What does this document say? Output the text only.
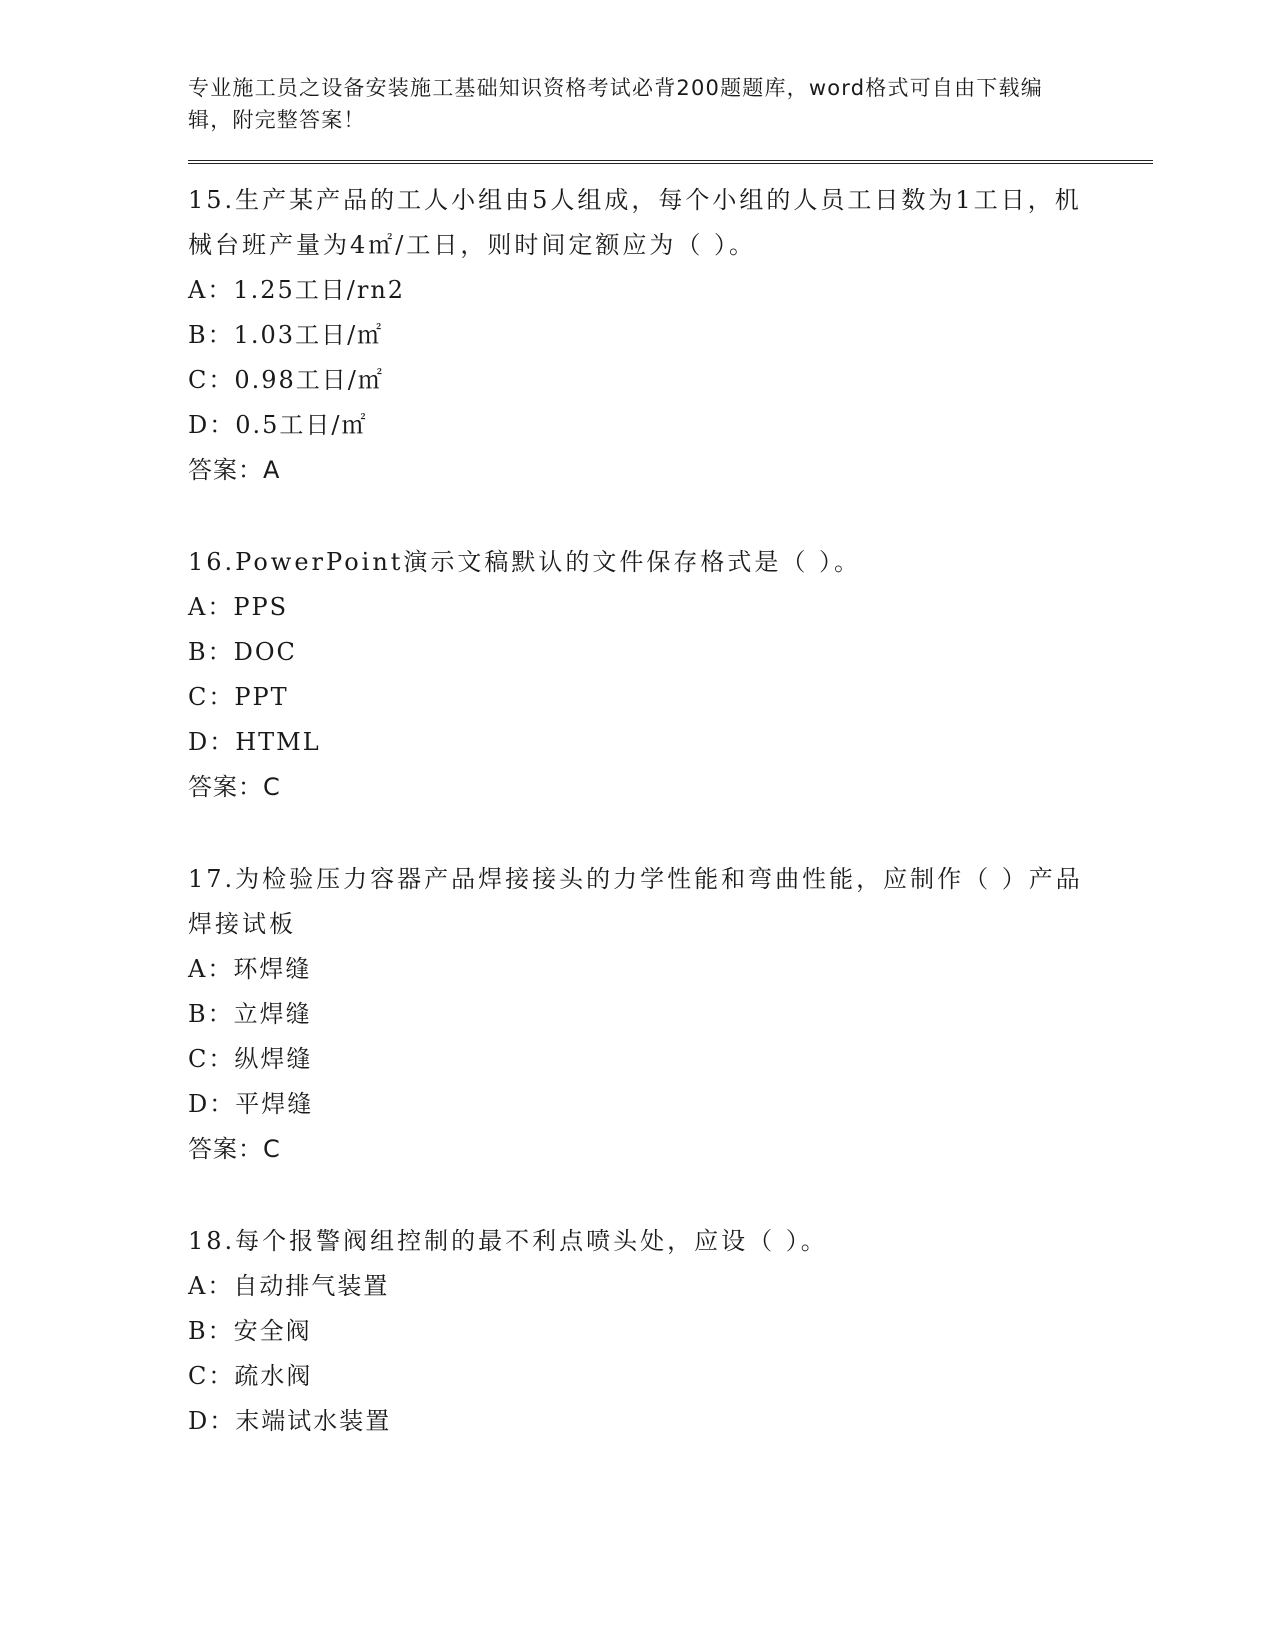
专业施工员之设备安装施工基础知识资格考试必背200题题库，word格式可自由下载编辑，附完整答案！
15.生产某产品的工人小组由5人组成，每个小组的人员工日数为1工日，机械台班产量为4㎡/工日，则时间定额应为（ ）。
A：1.25工日/rn2
B：1.03工日/㎡
C：0.98工日/㎡
D：0.5工日/㎡
答案：A
16.PowerPoint演示文稿默认的文件保存格式是（ ）。
A：PPS
B：DOC
C：PPT
D：HTML
答案：C
17.为检验压力容器产品焊接接头的力学性能和弯曲性能，应制作（ ）产品焊接试板
A：环焊缝
B：立焊缝
C：纵焊缝
D：平焊缝
答案：C
18.每个报警阀组控制的最不利点喷头处，应设（ ）。
A：自动排气装置
B：安全阀
C：疏水阀
D：末端试水装置
